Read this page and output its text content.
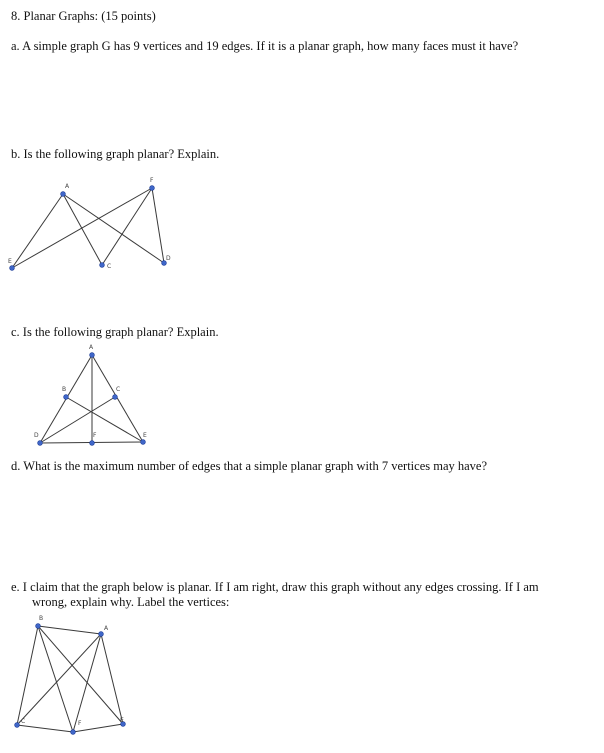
8. Planar Graphs: (15 points)
a. A simple graph G has 9 vertices and 19 edges. If it is a planar graph, how many faces must it have?
b. Is the following graph planar? Explain.
A
F
C
D
E
c. Is the following graph planar? Explain.
A
B	C
D	F	E
d. What is the maximum number of edges that a simple planar graph with 7 vertices may have?
e. I claim that the graph below is planar. If I am right, draw this graph without any edges crossing. If I am
wrong, explain why. Label the vertices:
B
A
C	F	E
